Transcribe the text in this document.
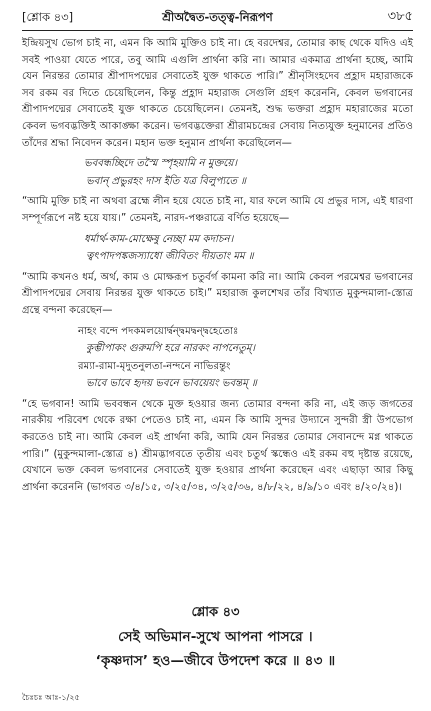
[শ্লোক ৪৩]	শ্রীঅদ্বৈত-তত্ত্ব-নিরূপণ	৩৮৫

ইন্দ্রিয়সুখ ভোগ চাই না, এমন কি আমি মুক্তিও চাই না। হে বরদেশ্বর, তোমার কাছ থেকে যদিও এই সবই পাওয়া যেতে পারে, তবু আমি এগুলি প্রার্থনা করি না। আমার একমাত্র প্রার্থনা হচ্ছে, আমি যেন নিরন্তর তোমার শ্রীপাদপদ্মের সেবাতেই যুক্ত থাকতে পারি।” শ্রীনৃসিংহদেব প্রহ্লাদ মহারাজকে সব রকম বর দিতে চেয়েছিলেন, কিন্তু প্রহ্লাদ মহারাজ সেগুলি গ্রহণ করেননি, কেবল ভগবানের শ্রীপাদপদ্মের সেবাতেই যুক্ত থাকতে চেয়েছিলেন। তেমনই, শুদ্ধ ভক্তরা প্রহ্লাদ মহারাজের মতো কেবল ভগবদ্ভক্তিই আকাঙ্ক্ষা করেন। ভগবদ্ভক্তেরা শ্রীরামচন্দ্রের সেবায় নিত্যযুক্ত হনুমানের প্রতিও তাঁদের শ্রদ্ধা নিবেদন করেন। মহান ভক্ত হনুমান প্রার্থনা করেছিলেন—

ভববন্ধচ্ছিদে তস্মৈ স্পৃহয়ামি ন মুক্তয়ে।

ভবান্ প্রভুরহং দাস ইতি যত্র বিলুপ্যতে ॥

“আমি মুক্তি চাই না অথবা ব্রহ্মে লীন হয়ে যেতে চাই না, যার ফলে আমি যে প্রভুর দাস, এই ধারণা সম্পূর্ণরূপে নষ্ট হয়ে যায়।” তেমনই, নারদ-পঞ্চরাত্রে বর্ণিত হয়েছে—

ধর্মার্থ-কাম-মোক্ষেষু নেচ্ছা মম কদাচন।

ত্বৎপাদপঙ্কজস্যাধো জীবিতং দীয়তাং মম ॥

“আমি কখনও ধর্ম, অর্থ, কাম ও মোক্ষরূপ চতুর্বর্গ কামনা করি না। আমি কেবল পরমেশ্বর ভগবানের শ্রীপাদপদ্মের সেবায় নিরন্তর যুক্ত থাকতে চাই।” মহারাজ কুলশেখর তাঁর বিখ্যাত মুকুন্দমালা-স্তোত্র গ্রন্থে বন্দনা করেছেন—

নাহং বন্দে পদকমলয়োর্দ্বন্দ্বমদ্বন্দ্বহেতোঃ

কুম্ভীপাকং গুরুমপি হরে নারকং নাপনেতুম্।

রম্যা-রামা-মৃদুতনুলতা-নন্দনে নাভিরন্তুং

ভাবে ভাবে হৃদয় ভবনে ভাবয়েয়ং ভবন্তম্ ॥

“হে ভগবান! আমি ভববন্ধন থেকে মুক্ত হওয়ার জন্য তোমার বন্দনা করি না, এই জড় জগতের নারকীয় পরিবেশ থেকে রক্ষা পেতেও চাই না, এমন কি আমি সুন্দর উদ্যানে সুন্দরী স্ত্রী উপভোগ করতেও চাই না। আমি কেবল এই প্রার্থনা করি, আমি যেন নিরন্তর তোমার সেবানন্দে মগ্ন থাকতে পারি।” (মুকুন্দমালা-স্তোত্র ৪) শ্রীমদ্ভাগবতে তৃতীয় এবং চতুর্থ স্কন্ধেও এই রকম বহু দৃষ্টান্ত রয়েছে, যেখানে ভক্ত কেবল ভগবানের সেবাতেই যুক্ত হওয়ার প্রার্থনা করেছেন এবং এছাড়া আর কিছু প্রার্থনা করেননি (ভাগবত ৩/৪/১৫, ৩/২৫/৩৪, ৩/২৫/৩৬, ৪/৮/২২, ৪/৯/১০ এবং ৪/২০/২৪)।

শ্লোক ৪৩
সেই অভিমান-সুখে আপনা পাসরে ।
‘কৃষ্ণদাস’ হও—জীবে উপদেশ করে ॥ ৪৩ ॥
চৈঃচঃ আঃ-১/২৫
